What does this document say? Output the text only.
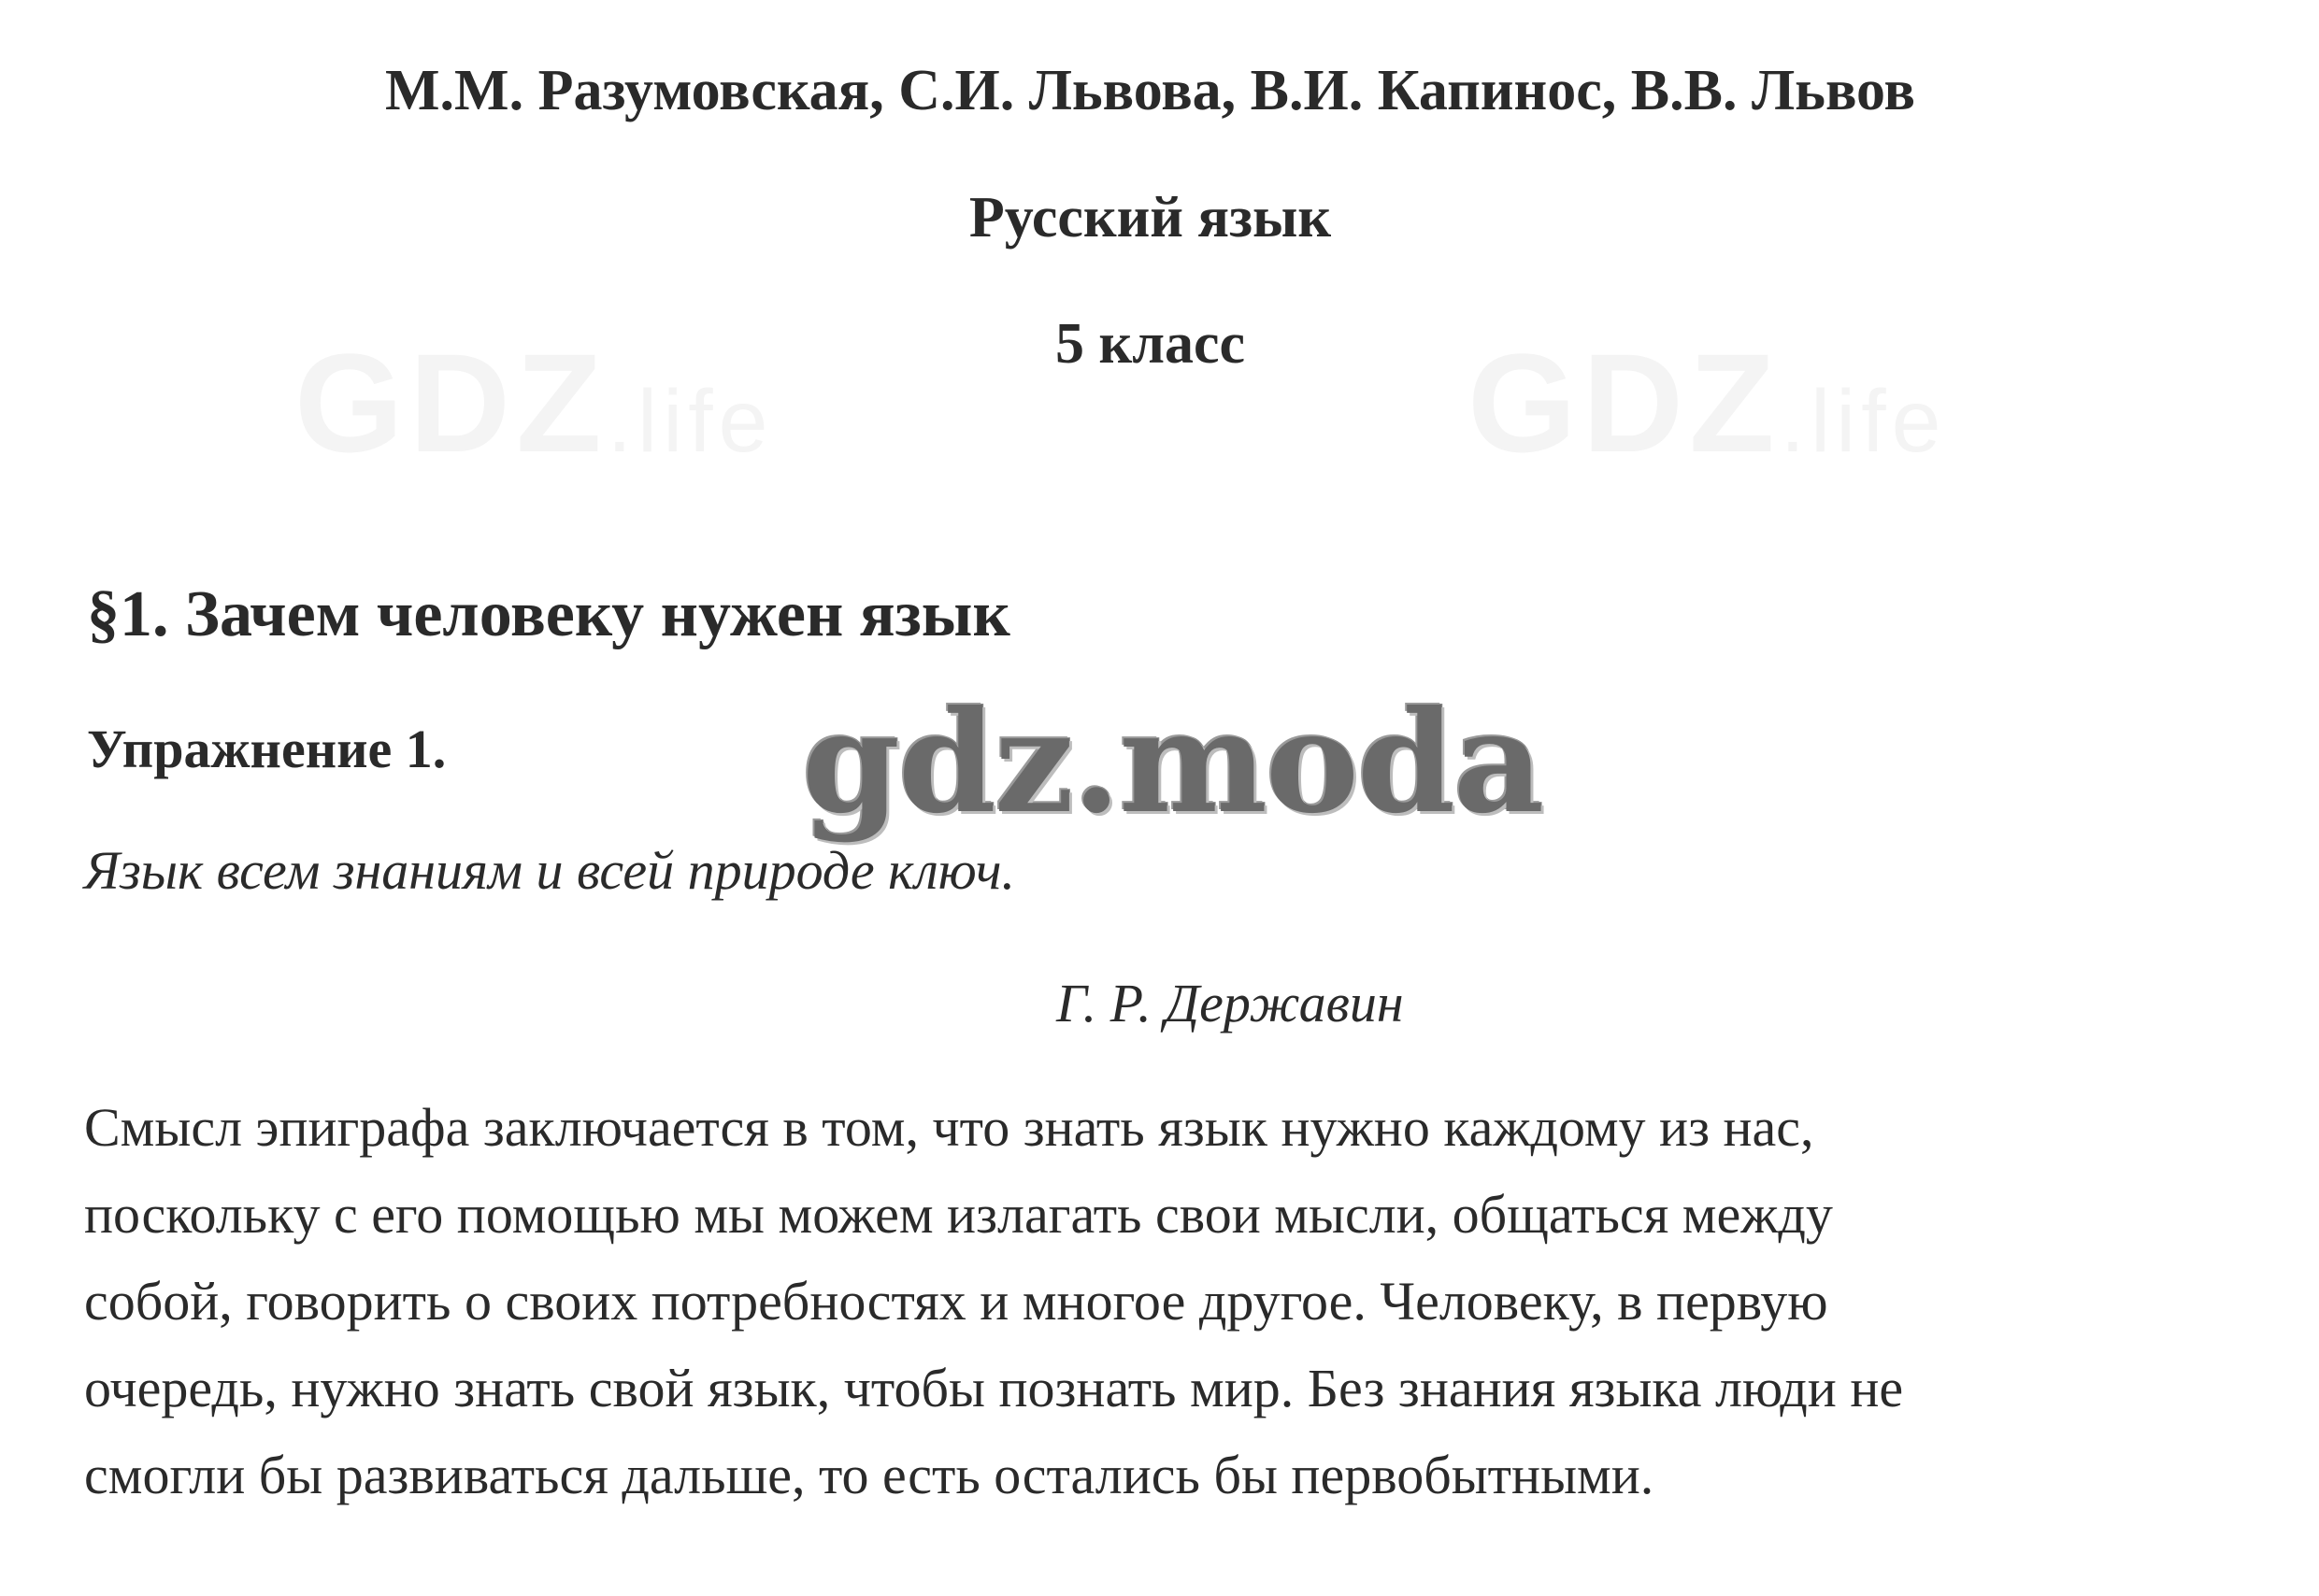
GDZ.life	GDZ.life
М.М. Разумовская, С.И. Львова, В.И. Капинос, В.В. Львов
Русский язык
5 класс
§1. Зачем человеку нужен язык
Упражнение 1.	gdz.moda
Язык всем знаниям и всей природе ключ.
Г. Р. Державин

Смысл эпиграфа заключается в том, что знать язык нужно каждому из нас,
поскольку с его помощью мы можем излагать свои мысли, общаться между
собой, говорить о своих потребностях и многое другое. Человеку, в первую
очередь, нужно знать свой язык, чтобы познать мир. Без знания языка люди не
смогли бы развиваться дальше, то есть остались бы первобытными.
